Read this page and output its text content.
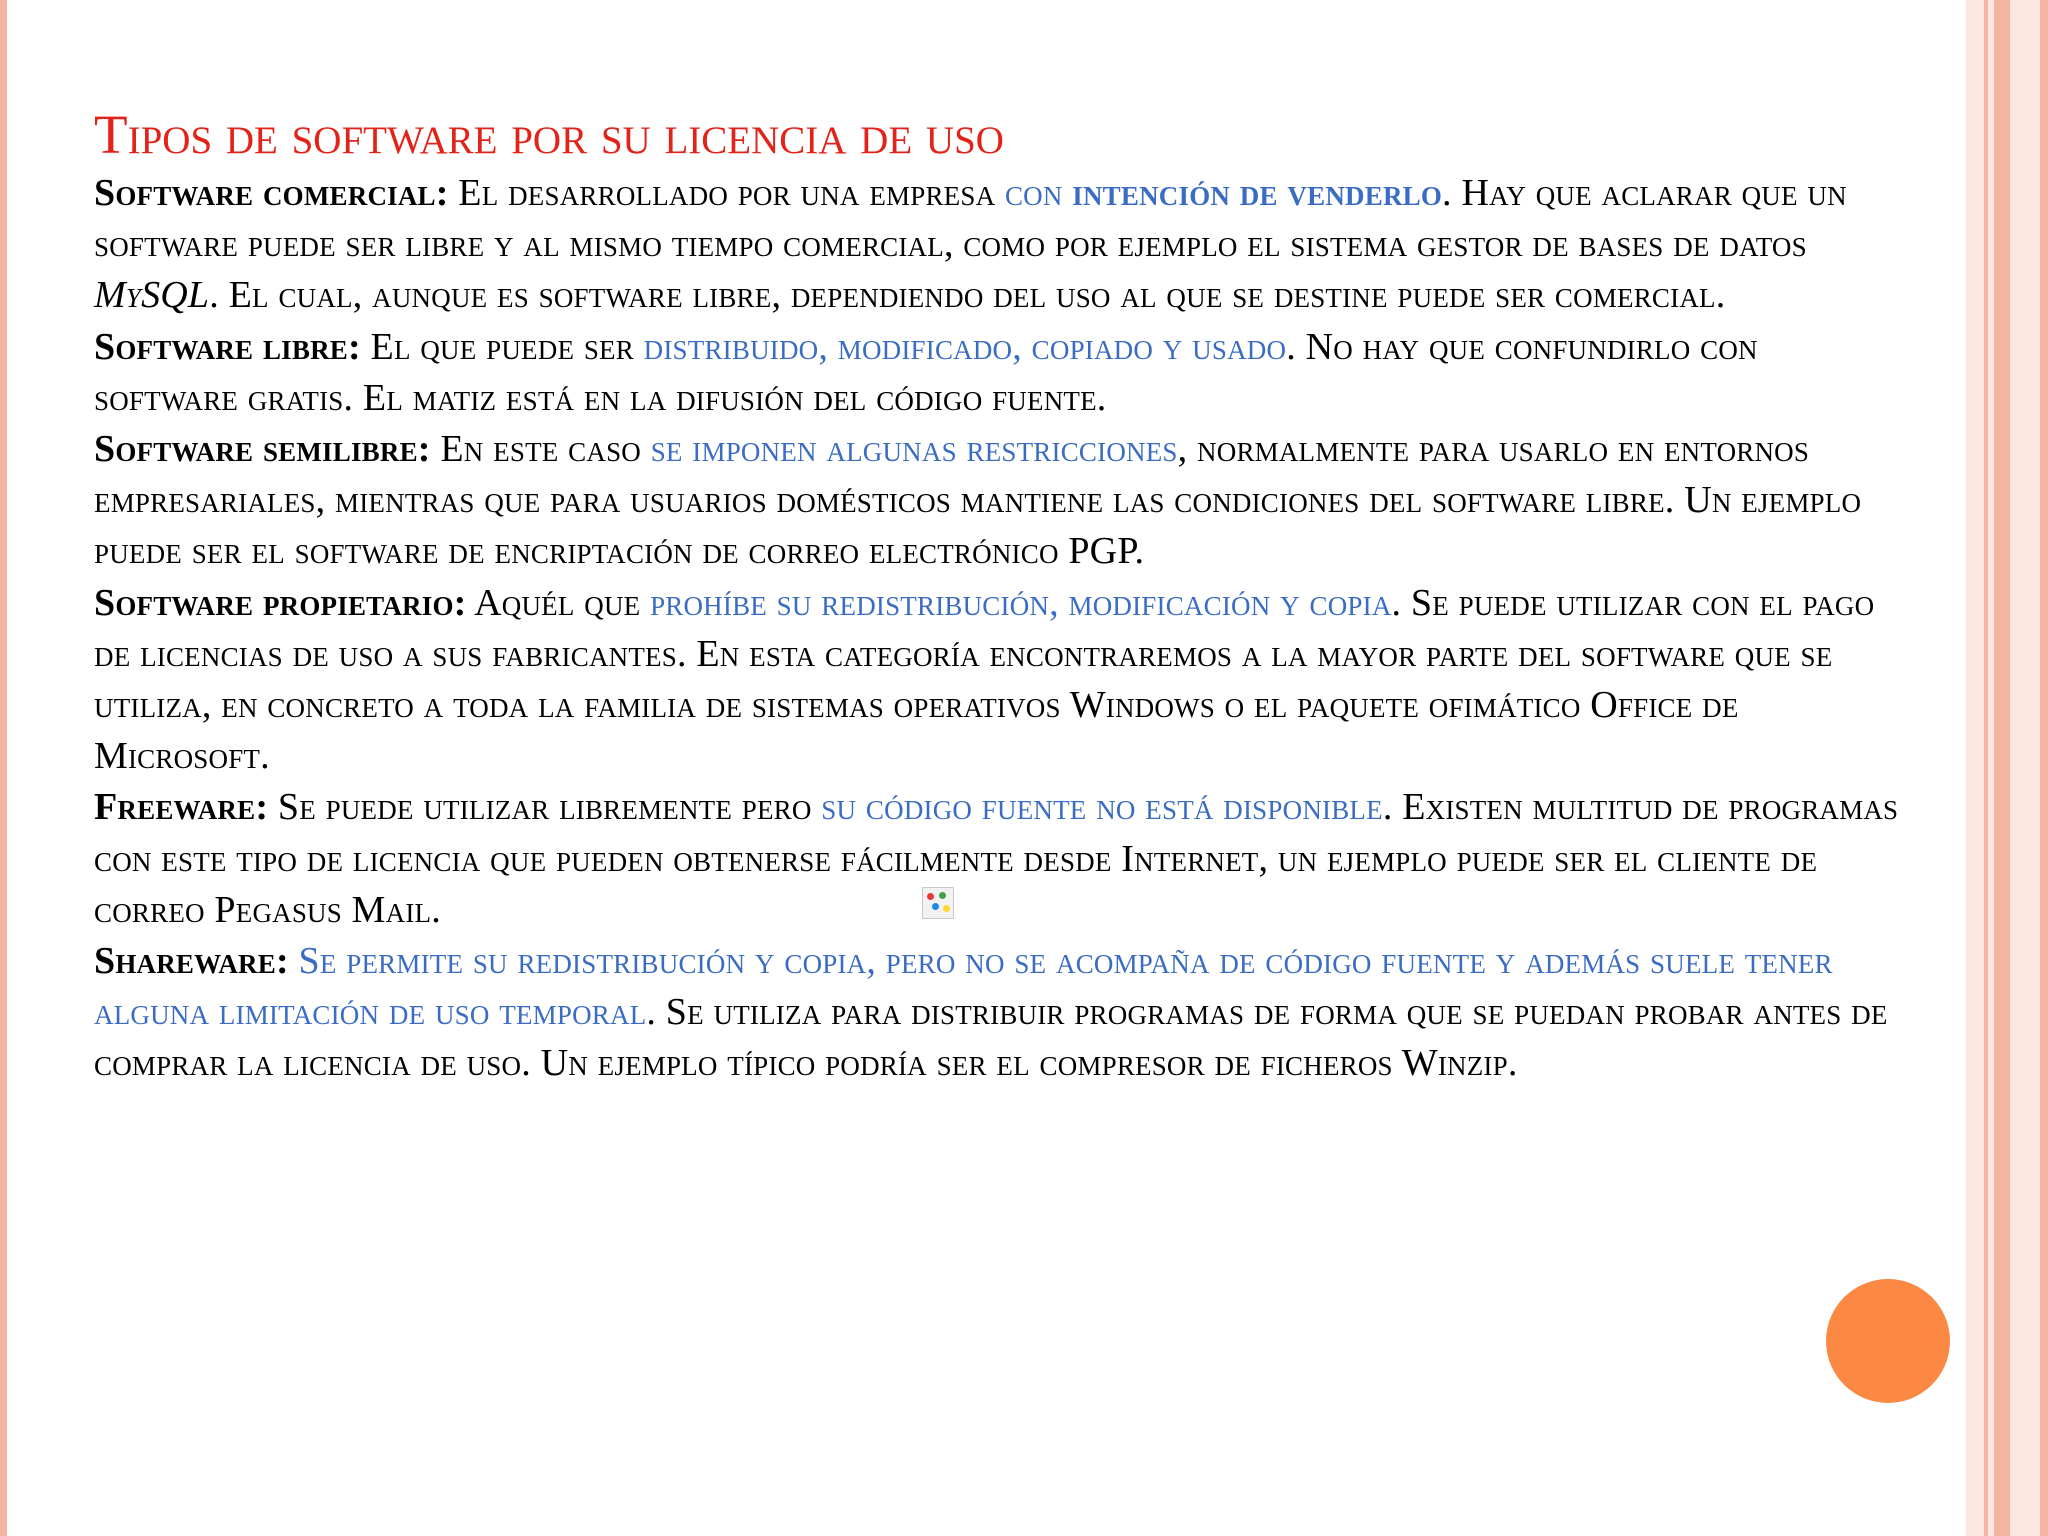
Tipos de software por su licencia de uso

Software comercial: El desarrollado por una empresa con intención de venderlo. Hay que aclarar que un software puede ser libre y al mismo tiempo comercial, como por ejemplo el sistema gestor de bases de datos MySQL. El cual, aunque es software libre, dependiendo del uso al que se destine puede ser comercial.

Software libre: El que puede ser distribuido, modificado, copiado y usado. No hay que confundirlo con software gratis. El matiz está en la difusión del código fuente.

Software semilibre: En este caso se imponen algunas restricciones, normalmente para usarlo en entornos empresariales, mientras que para usuarios domésticos mantiene las condiciones del software libre. Un ejemplo puede ser el software de encriptación de correo electrónico PGP.

Software propietario: Aquél que prohíbe su redistribución, modificación y copia. Se puede utilizar con el pago de licencias de uso a sus fabricantes. En esta categoría encontraremos a la mayor parte del software que se utiliza, en concreto a toda la familia de sistemas operativos Windows o el paquete ofimático Office de Microsoft.

Freeware: Se puede utilizar libremente pero su código fuente no está disponible. Existen multitud de programas con este tipo de licencia que pueden obtenerse fácilmente desde Internet, un ejemplo puede ser el cliente de correo Pegasus Mail.

Shareware: Se permite su redistribución y copia, pero no se acompaña de código fuente y además suele tener alguna limitación de uso temporal. Se utiliza para distribuir programas de forma que se puedan probar antes de comprar la licencia de uso. Un ejemplo típico podría ser el compresor de ficheros Winzip.
